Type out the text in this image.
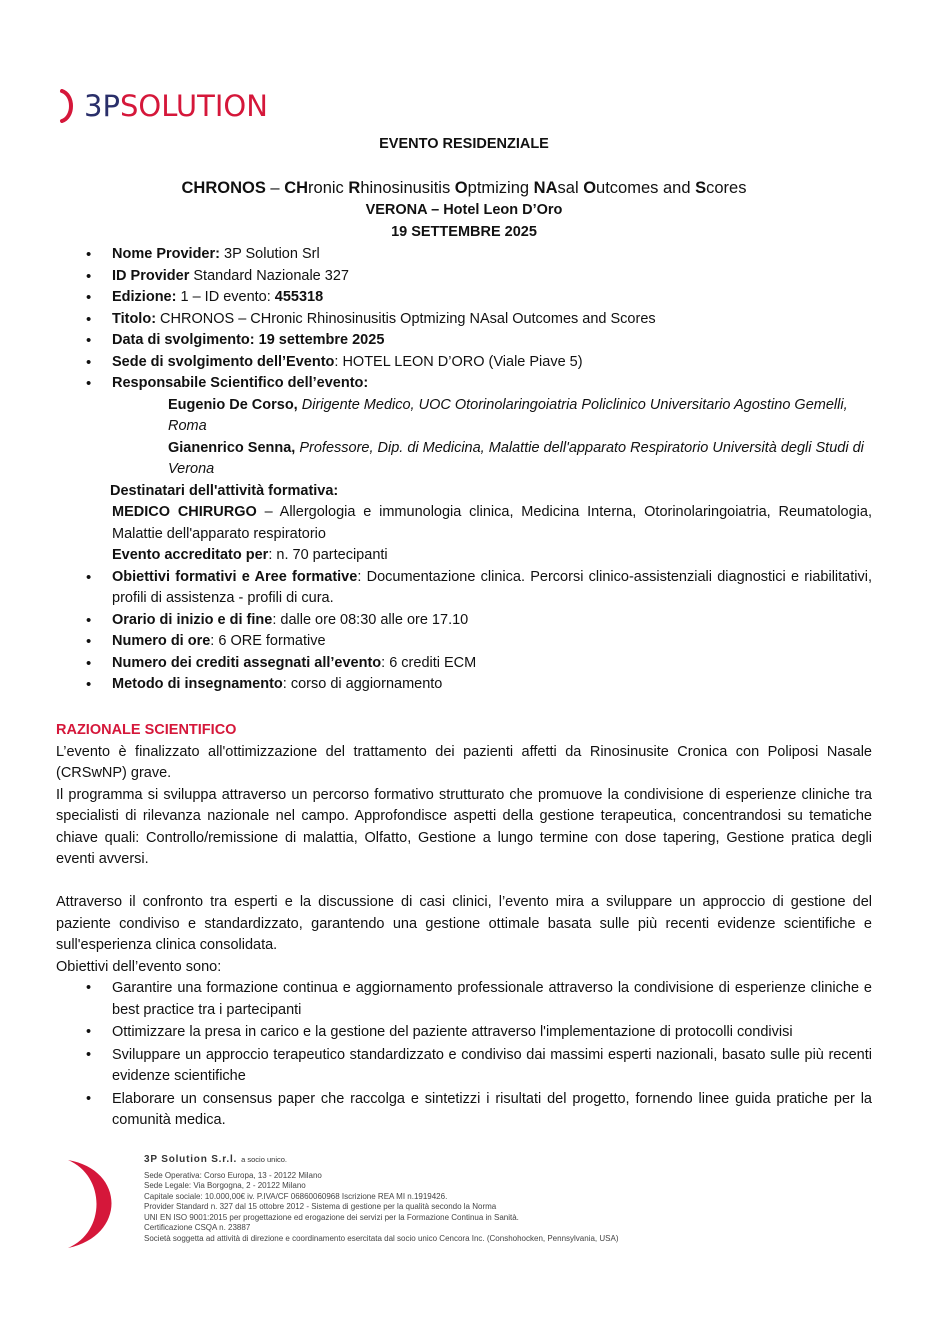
3PSOLUTION
EVENTO RESIDENZIALE
CHRONOS – CHronic Rhinosinusitis Optmizing NAsal Outcomes and Scores
VERONA – Hotel Leon D’Oro
19 SETTEMBRE 2025
• Nome Provider: 3P Solution Srl
• ID Provider Standard Nazionale 327
• Edizione: 1 – ID evento: 455318
• Titolo: CHRONOS – CHronic Rhinosinusitis Optmizing NAsal Outcomes and Scores
• Data di svolgimento: 19 settembre 2025
• Sede di svolgimento dell’Evento: HOTEL LEON D’ORO (Viale Piave 5)
• Responsabile Scientifico dell’evento:
Eugenio De Corso, Dirigente Medico, UOC Otorinolaringoiatria Policlinico Universitario Agostino Gemelli, Roma
Gianenrico Senna, Professore, Dip. di Medicina, Malattie dell'apparato Respiratorio Università degli Studi di Verona
Destinatari dell'attività formativa:
MEDICO CHIRURGO – Allergologia e immunologia clinica, Medicina Interna, Otorinolaringoiatria, Reumatologia, Malattie dell'apparato respiratorio
Evento accreditato per: n. 70 partecipanti
• Obiettivi formativi e Aree formative: Documentazione clinica. Percorsi clinico-assistenziali diagnostici e riabilitativi, profili di assistenza - profili di cura.
• Orario di inizio e di fine: dalle ore 08:30 alle ore 17.10
• Numero di ore: 6 ORE formative
• Numero dei crediti assegnati all’evento: 6 crediti ECM
• Metodo di insegnamento: corso di aggiornamento
RAZIONALE SCIENTIFICO
L’evento è finalizzato all'ottimizzazione del trattamento dei pazienti affetti da Rinosinusite Cronica con Poliposi Nasale (CRSwNP) grave.
Il programma si sviluppa attraverso un percorso formativo strutturato che promuove la condivisione di esperienze cliniche tra specialisti di rilevanza nazionale nel campo. Approfondisce aspetti della gestione terapeutica, concentrandosi su tematiche chiave quali: Controllo/remissione di malattia, Olfatto, Gestione a lungo termine con dose tapering, Gestione pratica degli eventi avversi.
Attraverso il confronto tra esperti e la discussione di casi clinici, l’evento mira a sviluppare un approccio di gestione del paziente condiviso e standardizzato, garantendo una gestione ottimale basata sulle più recenti evidenze scientifiche e sull'esperienza clinica consolidata.
Obiettivi dell’evento sono:
• Garantire una formazione continua e aggiornamento professionale attraverso la condivisione di esperienze cliniche e best practice tra i partecipanti
• Ottimizzare la presa in carico e la gestione del paziente attraverso l'implementazione di protocolli condivisi
• Sviluppare un approccio terapeutico standardizzato e condiviso dai massimi esperti nazionali, basato sulle più recenti evidenze scientifiche
• Elaborare un consensus paper che raccolga e sintetizzi i risultati del progetto, fornendo linee guida pratiche per la comunità medica.
3P Solution S.r.l. a socio unico.
Sede Operativa: Corso Europa, 13 - 20122 Milano
Sede Legale: Via Borgogna, 2 - 20122 Milano
Capitale sociale: 10.000,00€ iv. P.IVA/CF 06860060968 Iscrizione REA MI n.1919426.
Provider Standard n. 327 dal 15 ottobre 2012 - Sistema di gestione per la qualità secondo la Norma
UNI EN ISO 9001:2015 per progettazione ed erogazione dei servizi per la Formazione Continua in Sanità.
Certificazione CSQA n. 23887
Società soggetta ad attività di direzione e coordinamento esercitata dal socio unico Cencora Inc. (Conshohocken, Pennsylvania, USA)
